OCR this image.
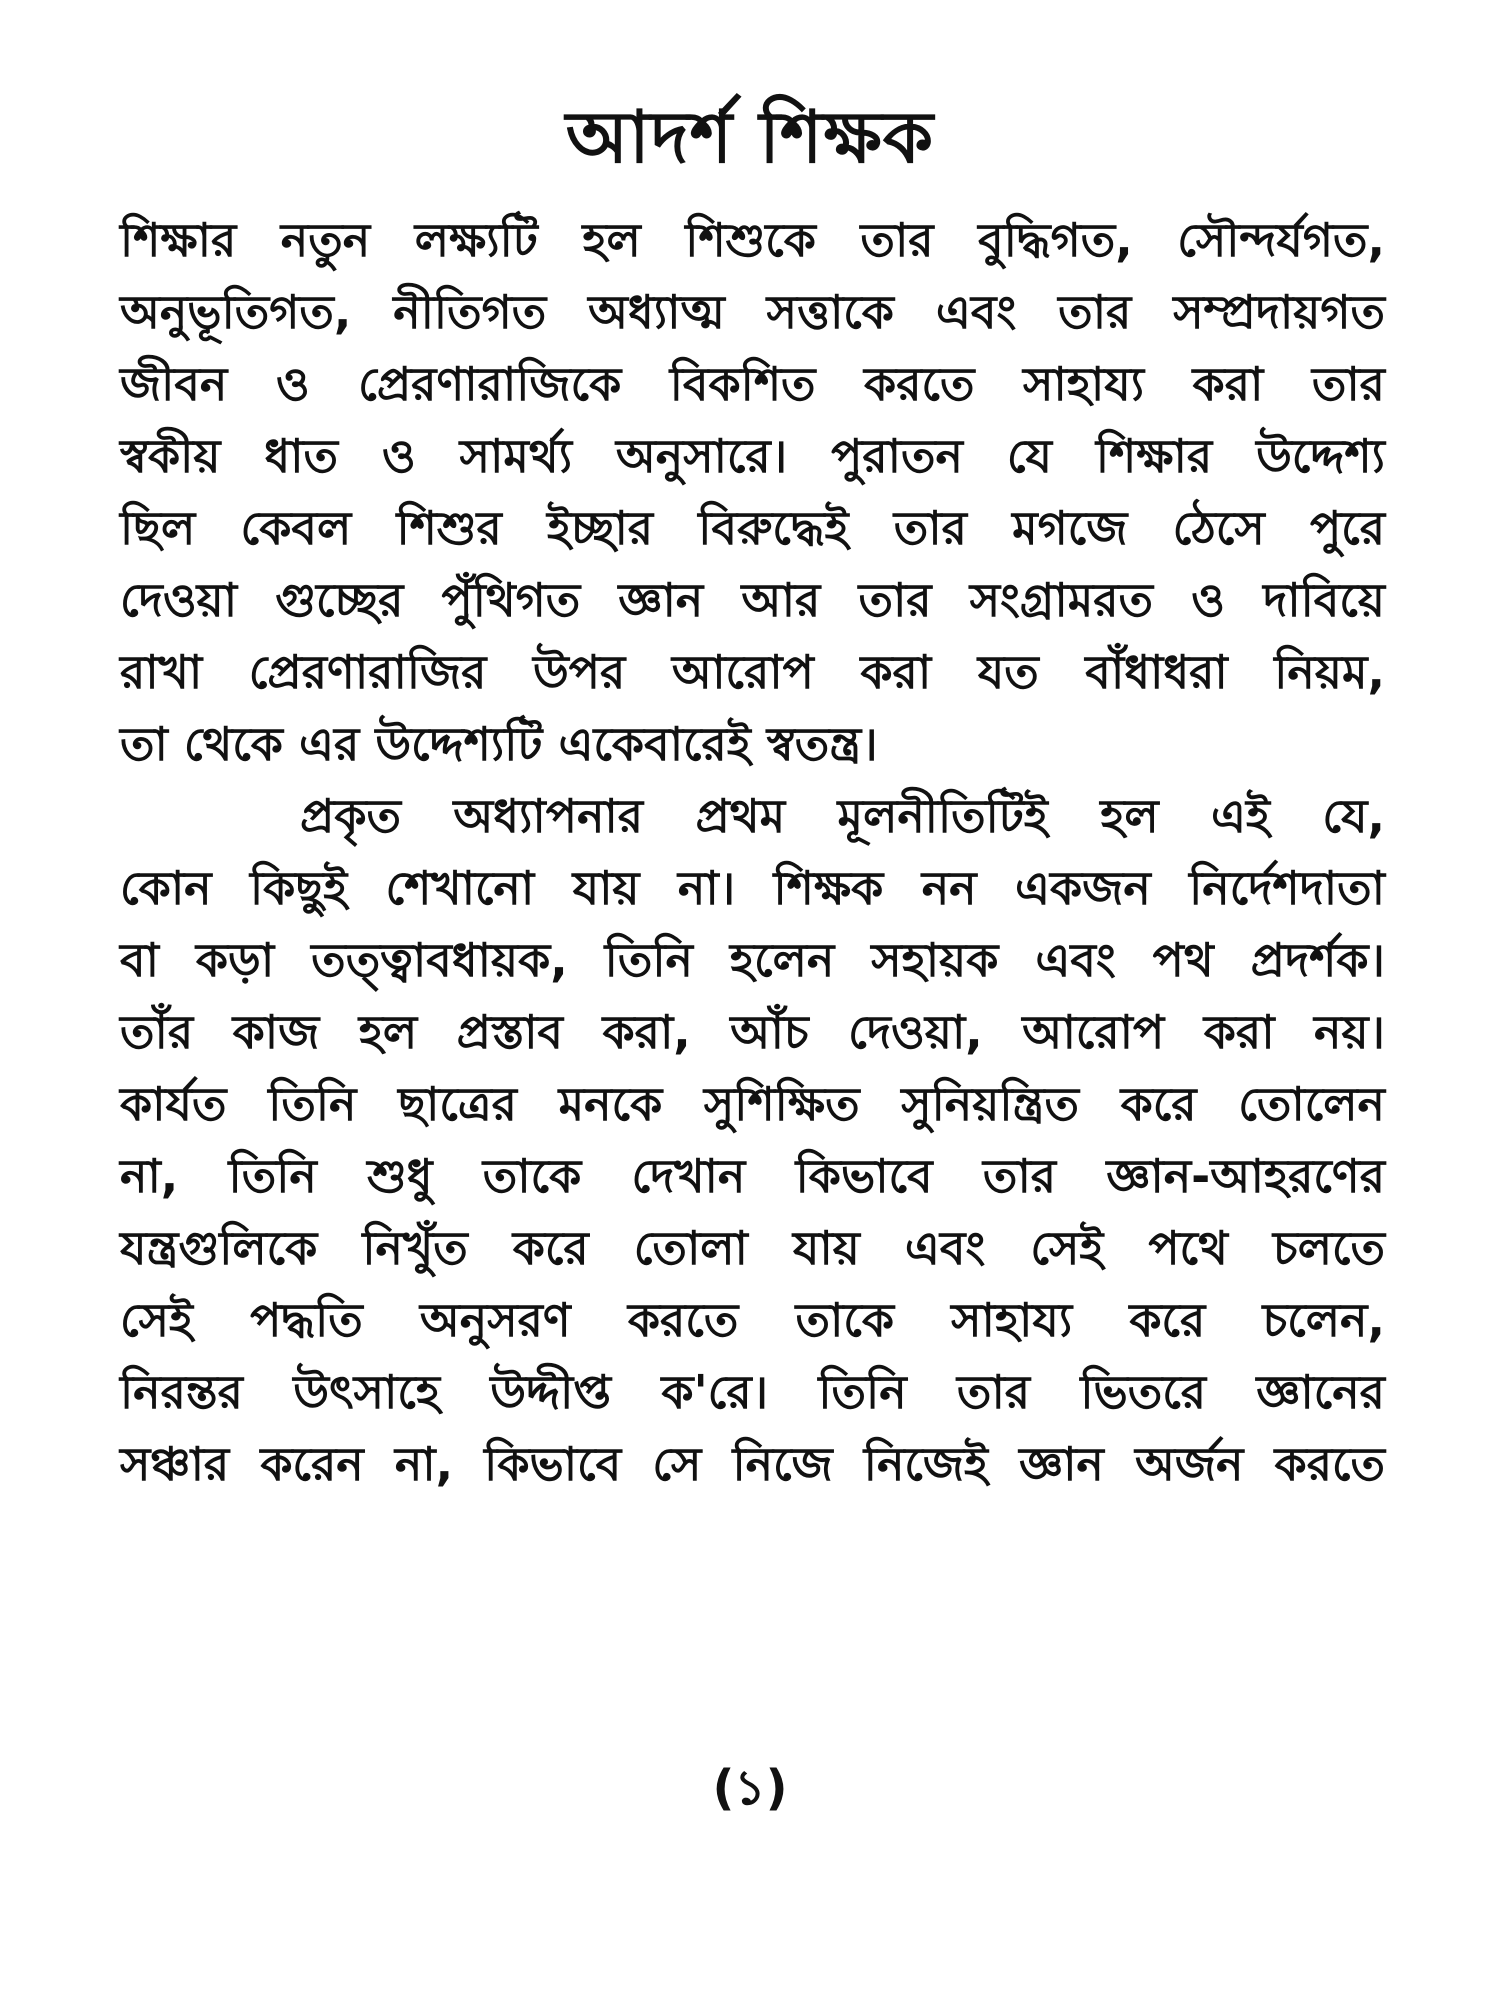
আদর্শ শিক্ষক
শিক্ষার নতুন লক্ষ্যটি হল শিশুকে তার বুদ্ধিগত, সৌন্দর্যগত,
অনুভূতিগত, নীতিগত অধ্যাত্ম সত্তাকে এবং তার সম্প্রদায়গত
জীবন ও প্রেরণারাজিকে বিকশিত করতে সাহায্য করা তার
স্বকীয় ধাত ও সামর্থ্য অনুসারে। পুরাতন যে শিক্ষার উদ্দেশ্য
ছিল কেবল শিশুর ইচ্ছার বিরুদ্ধেই তার মগজে ঠেসে পুরে
দেওয়া গুচ্ছের পুঁথিগত জ্ঞান আর তার সংগ্রামরত ও দাবিয়ে
রাখা প্রেরণারাজির উপর আরোপ করা যত বাঁধাধরা নিয়ম,
তা থেকে এর উদ্দেশ্যটি একেবারেই স্বতন্ত্র।
প্রকৃত অধ্যাপনার প্রথম মূলনীতিটিই হল এই যে,
কোন কিছুই শেখানো যায় না। শিক্ষক নন একজন নির্দেশদাতা
বা কড়া তত্ত্বাবধায়ক, তিনি হলেন সহায়ক এবং পথ প্রদর্শক।
তাঁর কাজ হল প্রস্তাব করা, আঁচ দেওয়া, আরোপ করা নয়।
কার্যত তিনি ছাত্রের মনকে সুশিক্ষিত সুনিয়ন্ত্রিত করে তোলেন
না, তিনি শুধু তাকে দেখান কিভাবে তার জ্ঞান-আহরণের
যন্ত্রগুলিকে নিখুঁত করে তোলা যায় এবং সেই পথে চলতে
সেই পদ্ধতি অনুসরণ করতে তাকে সাহায্য করে চলেন,
নিরন্তর উৎসাহে উদ্দীপ্ত ক'রে। তিনি তার ভিতরে জ্ঞানের
সঞ্চার করেন না, কিভাবে সে নিজে নিজেই জ্ঞান অর্জন করতে
(১)
